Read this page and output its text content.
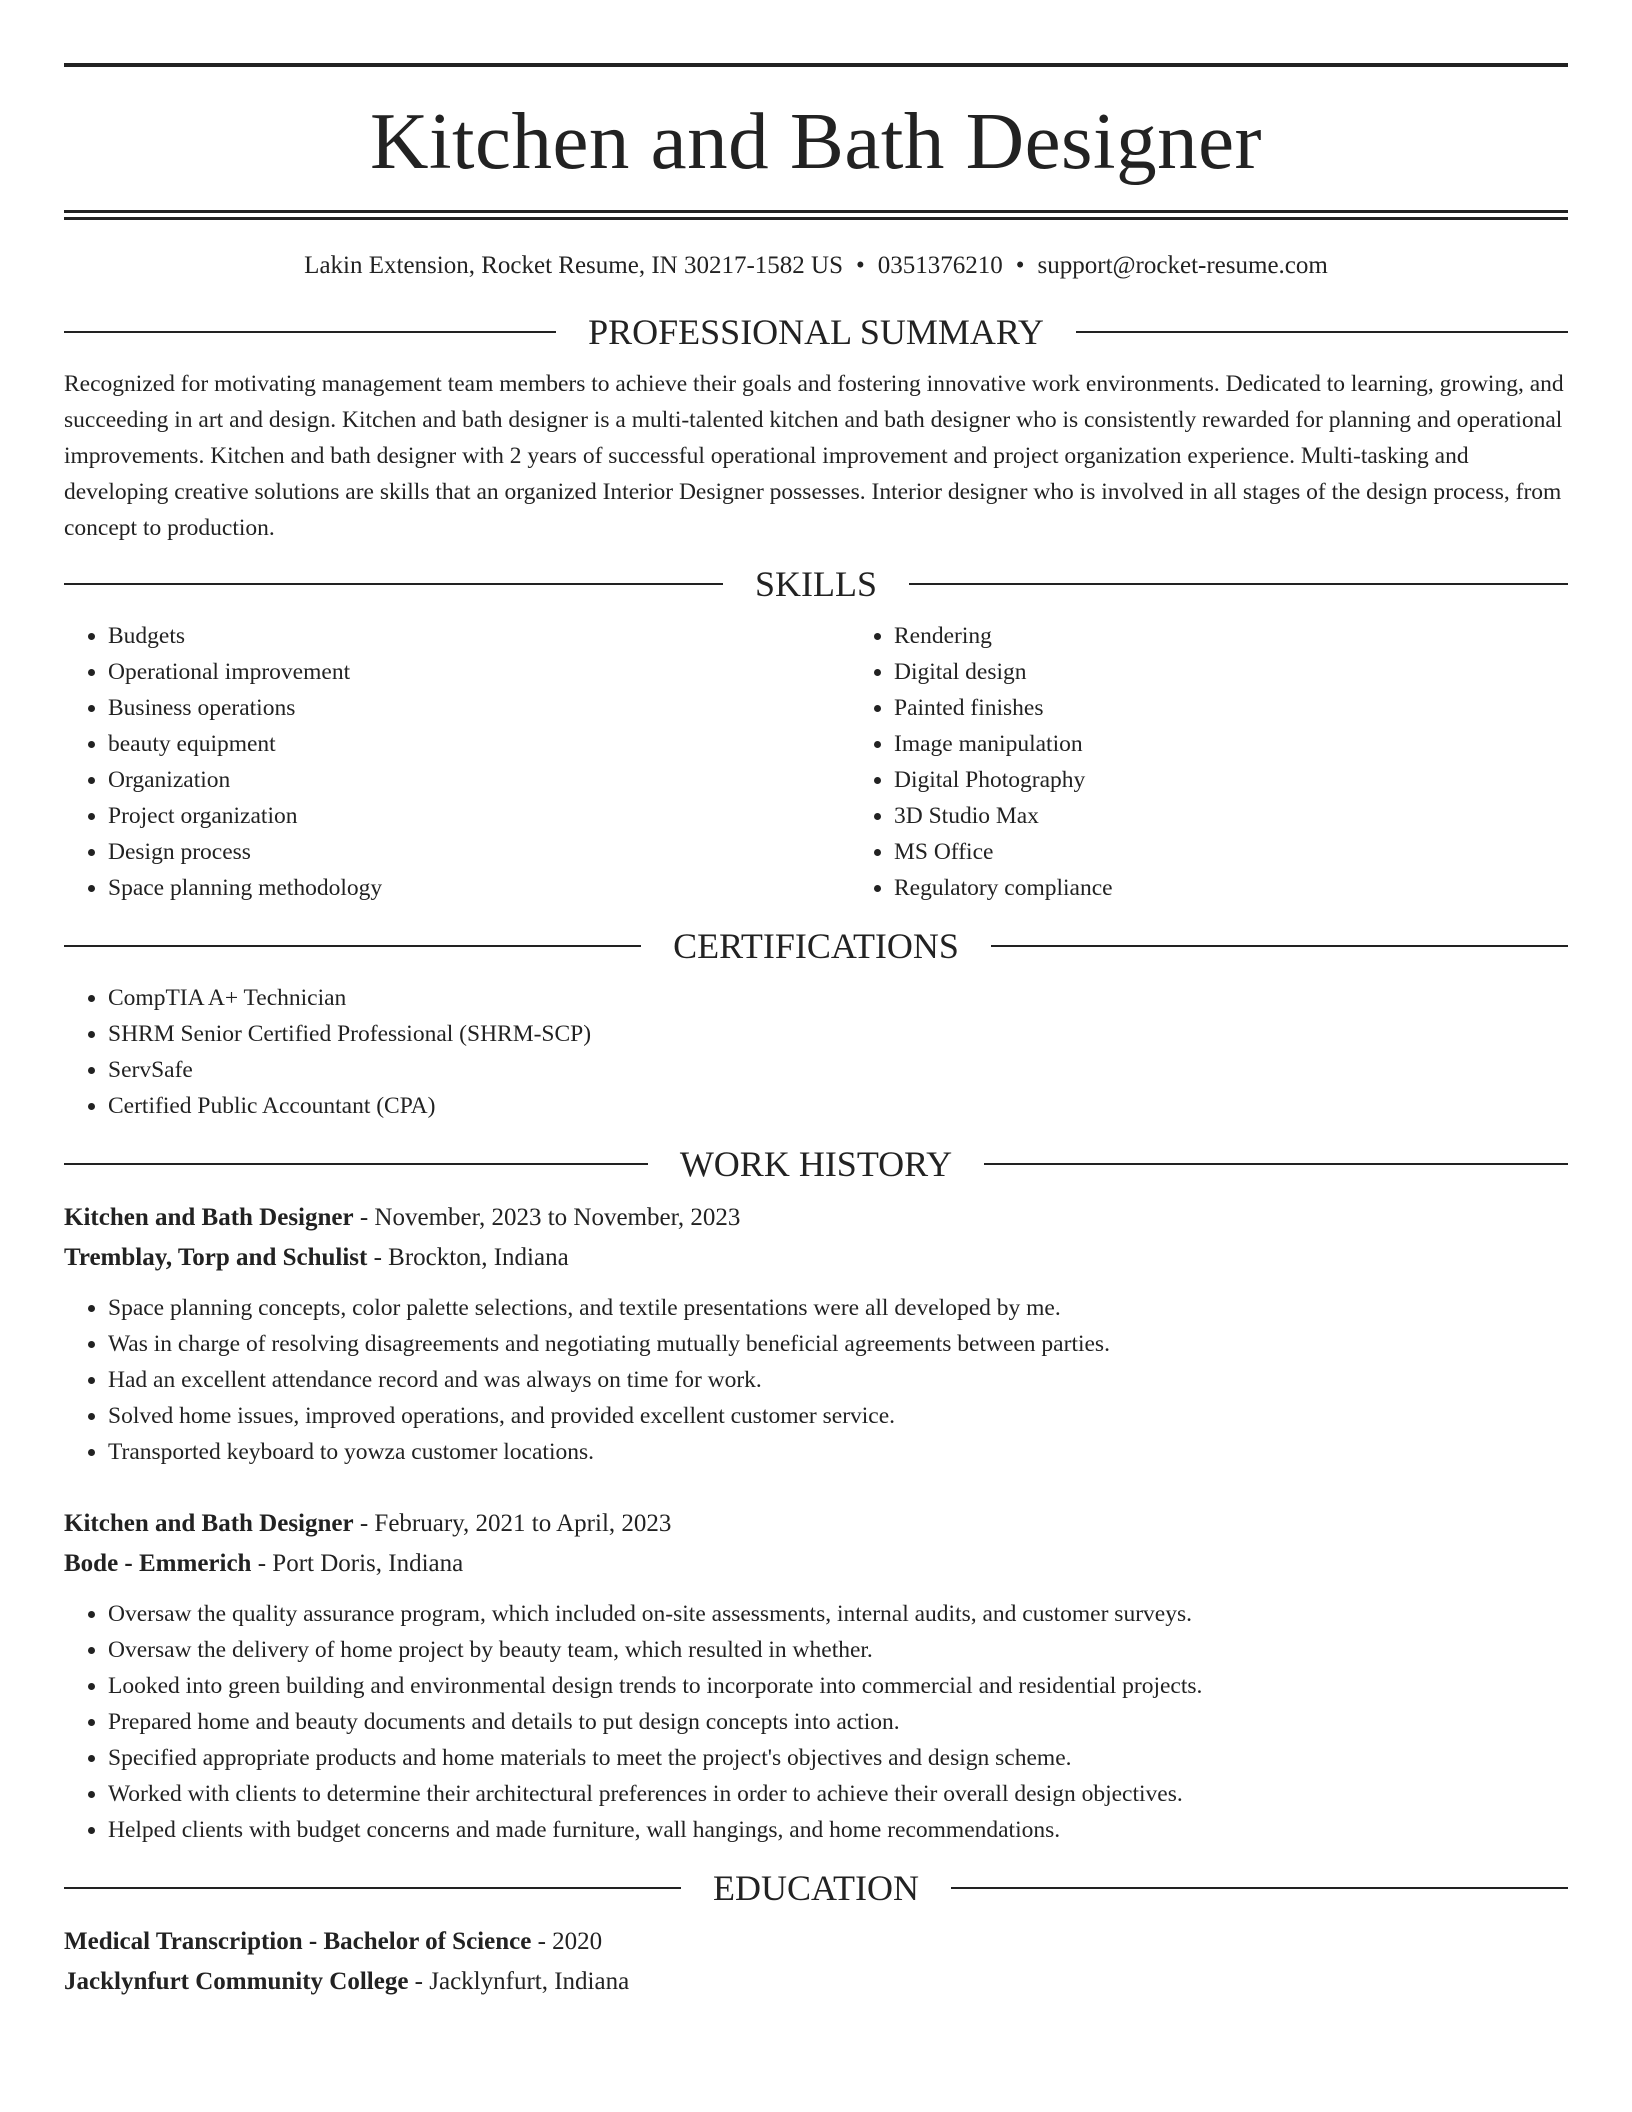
Kitchen and Bath Designer
Lakin Extension, Rocket Resume, IN 30217-1582 US • 0351376210 • support@rocket-resume.com
PROFESSIONAL SUMMARY

Recognized for motivating management team members to achieve their goals and fostering innovative work environments. Dedicated to learning, growing, and succeeding in art and design. Kitchen and bath designer is a multi-talented kitchen and bath designer who is consistently rewarded for planning and operational improvements. Kitchen and bath designer with 2 years of successful operational improvement and project organization experience. Multi-tasking and developing creative solutions are skills that an organized Interior Designer possesses. Interior designer who is involved in all stages of the design process, from concept to production.

SKILLS
• Budgets
• Operational improvement
• Business operations
• beauty equipment
• Organization
• Project organization
• Design process
• Space planning methodology
• Rendering
• Digital design
• Painted finishes
• Image manipulation
• Digital Photography
• 3D Studio Max
• MS Office
• Regulatory compliance
CERTIFICATIONS
• CompTIA A+ Technician
• SHRM Senior Certified Professional (SHRM-SCP)
• ServSafe
• Certified Public Accountant (CPA)
WORK HISTORY
Kitchen and Bath Designer - November, 2023 to November, 2023
Tremblay, Torp and Schulist - Brockton, Indiana
• Space planning concepts, color palette selections, and textile presentations were all developed by me.
• Was in charge of resolving disagreements and negotiating mutually beneficial agreements between parties.
• Had an excellent attendance record and was always on time for work.
• Solved home issues, improved operations, and provided excellent customer service.
• Transported keyboard to yowza customer locations.
Kitchen and Bath Designer - February, 2021 to April, 2023
Bode - Emmerich - Port Doris, Indiana
• Oversaw the quality assurance program, which included on-site assessments, internal audits, and customer surveys.
• Oversaw the delivery of home project by beauty team, which resulted in whether.
• Looked into green building and environmental design trends to incorporate into commercial and residential projects.
• Prepared home and beauty documents and details to put design concepts into action.
• Specified appropriate products and home materials to meet the project's objectives and design scheme.
• Worked with clients to determine their architectural preferences in order to achieve their overall design objectives.
• Helped clients with budget concerns and made furniture, wall hangings, and home recommendations.
EDUCATION
Medical Transcription - Bachelor of Science - 2020
Jacklynfurt Community College - Jacklynfurt, Indiana
